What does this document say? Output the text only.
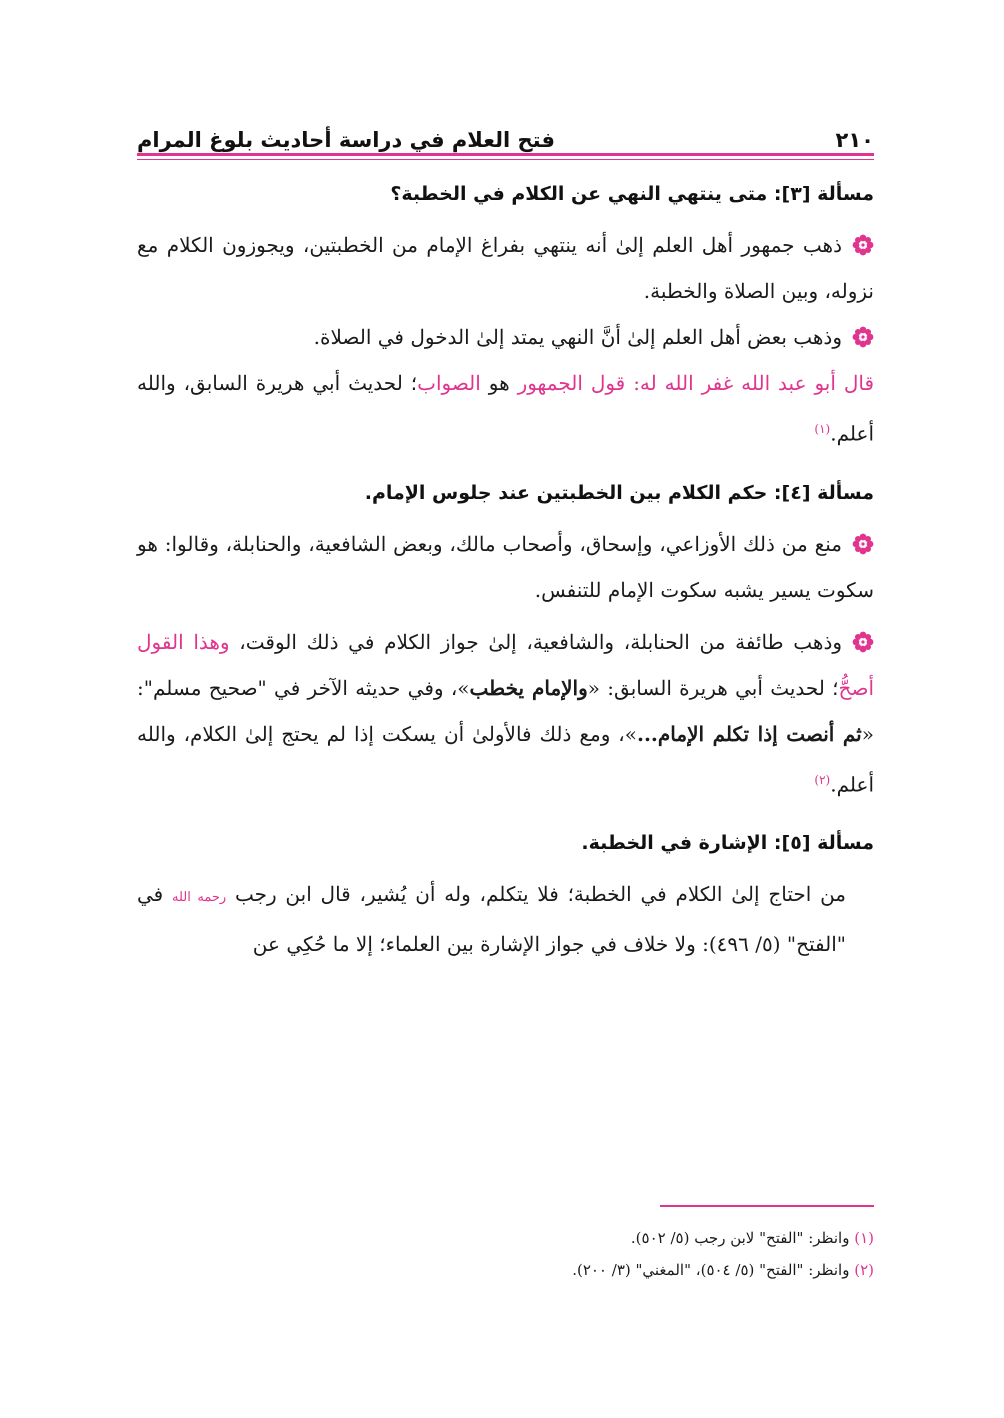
٢١٠
فتح العلام في دراسة أحاديث بلوغ المرام

مسألة [٣]: متى ينتهي النهي عن الكلام في الخطبة؟

ذهب جمهور أهل العلم إلىٰ أنه ينتهي بفراغ الإمام من الخطبتين، ويجوزون الكلام مع نزوله، وبين الصلاة والخطبة.

وذهب بعض أهل العلم إلىٰ أنَّ النهي يمتد إلىٰ الدخول في الصلاة.

قال أبو عبد الله غفر الله له: قول الجمهور هو الصواب؛ لحديث أبي هريرة السابق، والله أعلم.$^{(١)}$

مسألة [٤]: حكم الكلام بين الخطبتين عند جلوس الإمام.

منع من ذلك الأوزاعي، وإسحاق، وأصحاب مالك، وبعض الشافعية، والحنابلة، وقالوا: هو سكوت يسير يشبه سكوت الإمام للتنفس.

وذهب طائفة من الحنابلة، والشافعية، إلىٰ جواز الكلام في ذلك الوقت، وهذا القول أصحُّ؛ لحديث أبي هريرة السابق: «والإمام يخطب»، وفي حديثه الآخر في "صحيح مسلم": «ثم أنصت إذا تكلم الإمام...»، ومع ذلك فالأولىٰ أن يسكت إذا لم يحتج إلىٰ الكلام، والله أعلم.$^{(٢)}$

مسألة [٥]: الإشارة في الخطبة.

من احتاج إلىٰ الكلام في الخطبة؛ فلا يتكلم، وله أن يُشير، قال ابن رجب رحمه الله في "الفتح" (٥/ ٤٩٦): ولا خلاف في جواز الإشارة بين العلماء؛ إلا ما حُكِي عن

(١) وانظر: "الفتح" لابن رجب (٥/ ٥٠٢).
(٢) وانظر: "الفتح" (٥/ ٥٠٤)، "المغني" (٣/ ٢٠٠).
